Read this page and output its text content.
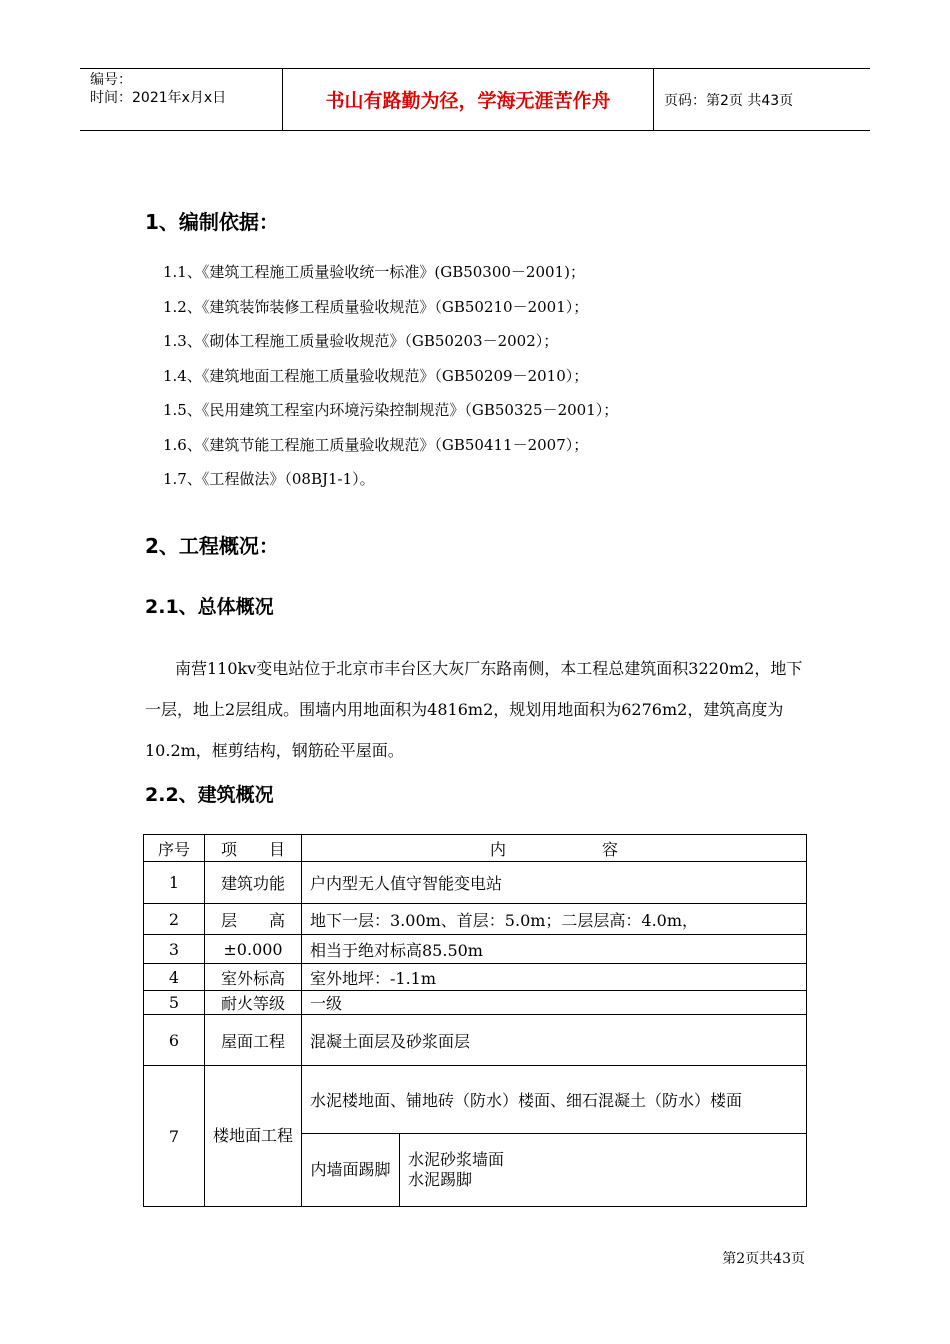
编号：
时间：2021年x月x日	书山有路勤为径，学海无涯苦作舟	页码：第2页 共43页
1、编制依据：
1.1、《建筑工程施工质量验收统一标准》(GB50300－2001)；
1.2、《建筑装饰装修工程质量验收规范》（GB50210－2001）；
1.3、《砌体工程施工质量验收规范》（GB50203－2002）；
1.4、《建筑地面工程施工质量验收规范》（GB50209－2010）；
1.5、《民用建筑工程室内环境污染控制规范》（GB50325－2001）；
1.6、《建筑节能工程施工质量验收规范》（GB50411－2007）；
1.7、《工程做法》（08BJ1-1）。
2、工程概况：
2.1、总体概况
南营110kv变电站位于北京市丰台区大灰厂东路南侧，本工程总建筑面积3220m2，地下一层，地上2层组成。围墙内用地面积为4816m2，规划用地面积为6276m2，建筑高度为10.2m，框剪结构，钢筋砼平屋面。
2.2、建筑概况
序号	项　　目	内　　　　　　容	
1	建筑功能	户内型无人值守智能变电站	
2	层　　高	地下一层：3.00m、首层：5.0m；二层层高：4.0m，	
3	±0.000	相当于绝对标高85.50m	
4	室外标高	室外地坪：-1.1m	
5	耐火等级	一级	
6	屋面工程	混凝土面层及砂浆面层	
7	楼地面工程	水泥楼地面、铺地砖（防水）楼面、细石混凝土（防水）楼面	
		内墙面踢脚	水泥砂浆墙面
水泥踢脚
第2页共43页
